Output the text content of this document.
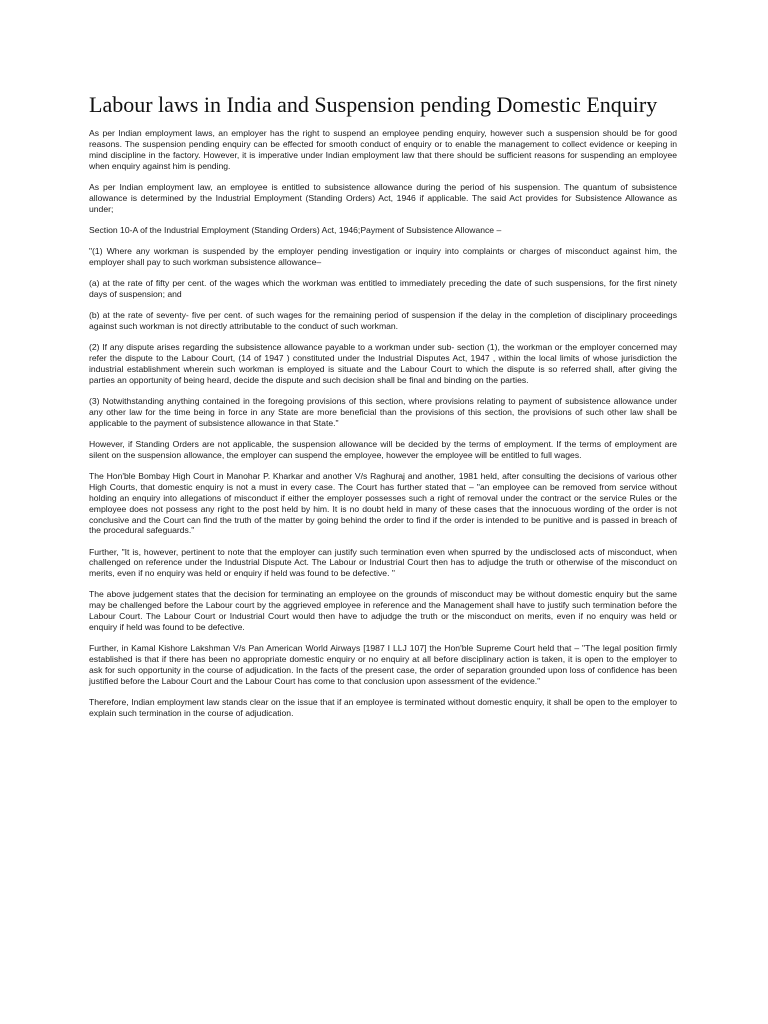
Labour laws in India and Suspension pending Domestic Enquiry

As per Indian employment laws, an employer has the right to suspend an employee pending enquiry, however such a suspension should be for good reasons. The suspension pending enquiry can be effected for smooth conduct of enquiry or to enable the management to collect evidence or keeping in mind discipline in the factory. However, it is imperative under Indian employment law that there should be sufficient reasons for suspending an employee when enquiry against him is pending.

As per Indian employment law, an employee is entitled to subsistence allowance during the period of his suspension. The quantum of subsistence allowance is determined by the Industrial Employment (Standing Orders) Act, 1946 if applicable. The said Act provides for Subsistence Allowance as under;

Section 10-A of the Industrial Employment (Standing Orders) Act, 1946;Payment of Subsistence Allowance –

"(1) Where any workman is suspended by the employer pending investigation or inquiry into complaints or charges of misconduct against him, the employer shall pay to such workman subsistence allowance–

(a) at the rate of fifty per cent. of the wages which the workman was entitled to immediately preceding the date of such suspensions, for the first ninety days of suspension; and

(b) at the rate of seventy- five per cent. of such wages for the remaining period of suspension if the delay in the completion of disciplinary proceedings against such workman is not directly attributable to the conduct of such workman.

(2) If any dispute arises regarding the subsistence allowance payable to a workman under sub- section (1), the workman or the employer concerned may refer the dispute to the Labour Court, (14 of 1947 ) constituted under the Industrial Disputes Act, 1947 , within the local limits of whose jurisdiction the industrial establishment wherein such workman is employed is situate and the Labour Court to which the dispute is so referred shall, after giving the parties an opportunity of being heard, decide the dispute and such decision shall be final and binding on the parties.

(3) Notwithstanding anything contained in the foregoing provisions of this section, where provisions relating to payment of subsistence allowance under any other law for the time being in force in any State are more beneficial than the provisions of this section, the provisions of such other law shall be applicable to the payment of subsistence allowance in that State."

However, if Standing Orders are not applicable, the suspension allowance will be decided by the terms of employment. If the terms of employment are silent on the suspension allowance, the employer can suspend the employee, however the employee will be entitled to full wages.

The Hon'ble Bombay High Court in Manohar P. Kharkar and another V/s Raghuraj and another, 1981 held, after consulting the decisions of various other High Courts, that domestic enquiry is not a must in every case. The Court has further stated that – "an employee can be removed from service without holding an enquiry into allegations of misconduct if either the employer possesses such a right of removal under the contract or the service Rules or the employee does not possess any right to the post held by him. It is no doubt held in many of these cases that the innocuous wording of the order is not conclusive and the Court can find the truth of the matter by going behind the order to find if the order is intended to be punitive and is passed in breach of the procedural safeguards."

Further, "It is, however, pertinent to note that the employer can justify such termination even when spurred by the undisclosed acts of misconduct, when challenged on reference under the Industrial Dispute Act. The Labour or Industrial Court then has to adjudge the truth or otherwise of the misconduct on merits, even if no enquiry was held or enquiry if held was found to be defective. "

The above judgement states that the decision for terminating an employee on the grounds of misconduct may be without domestic enquiry but the same may be challenged before the Labour court by the aggrieved employee in reference and the Management shall have to justify such termination before the Labour Court. The Labour Court or Industrial Court would then have to adjudge the truth or the misconduct on merits, even if no enquiry was held or enquiry if held was found to be defective.

Further, in Kamal Kishore Lakshman V/s Pan American World Airways [1987 I LLJ 107] the Hon'ble Supreme Court held that – "The legal position firmly established is that if there has been no appropriate domestic enquiry or no enquiry at all before disciplinary action is taken, it is open to the employer to ask for such opportunity in the course of adjudication. In the facts of the present case, the order of separation grounded upon loss of confidence has been justified before the Labour Court and the Labour Court has come to that conclusion upon assessment of the evidence."

Therefore, Indian employment law stands clear on the issue that if an employee is terminated without domestic enquiry, it shall be open to the employer to explain such termination in the course of adjudication.
